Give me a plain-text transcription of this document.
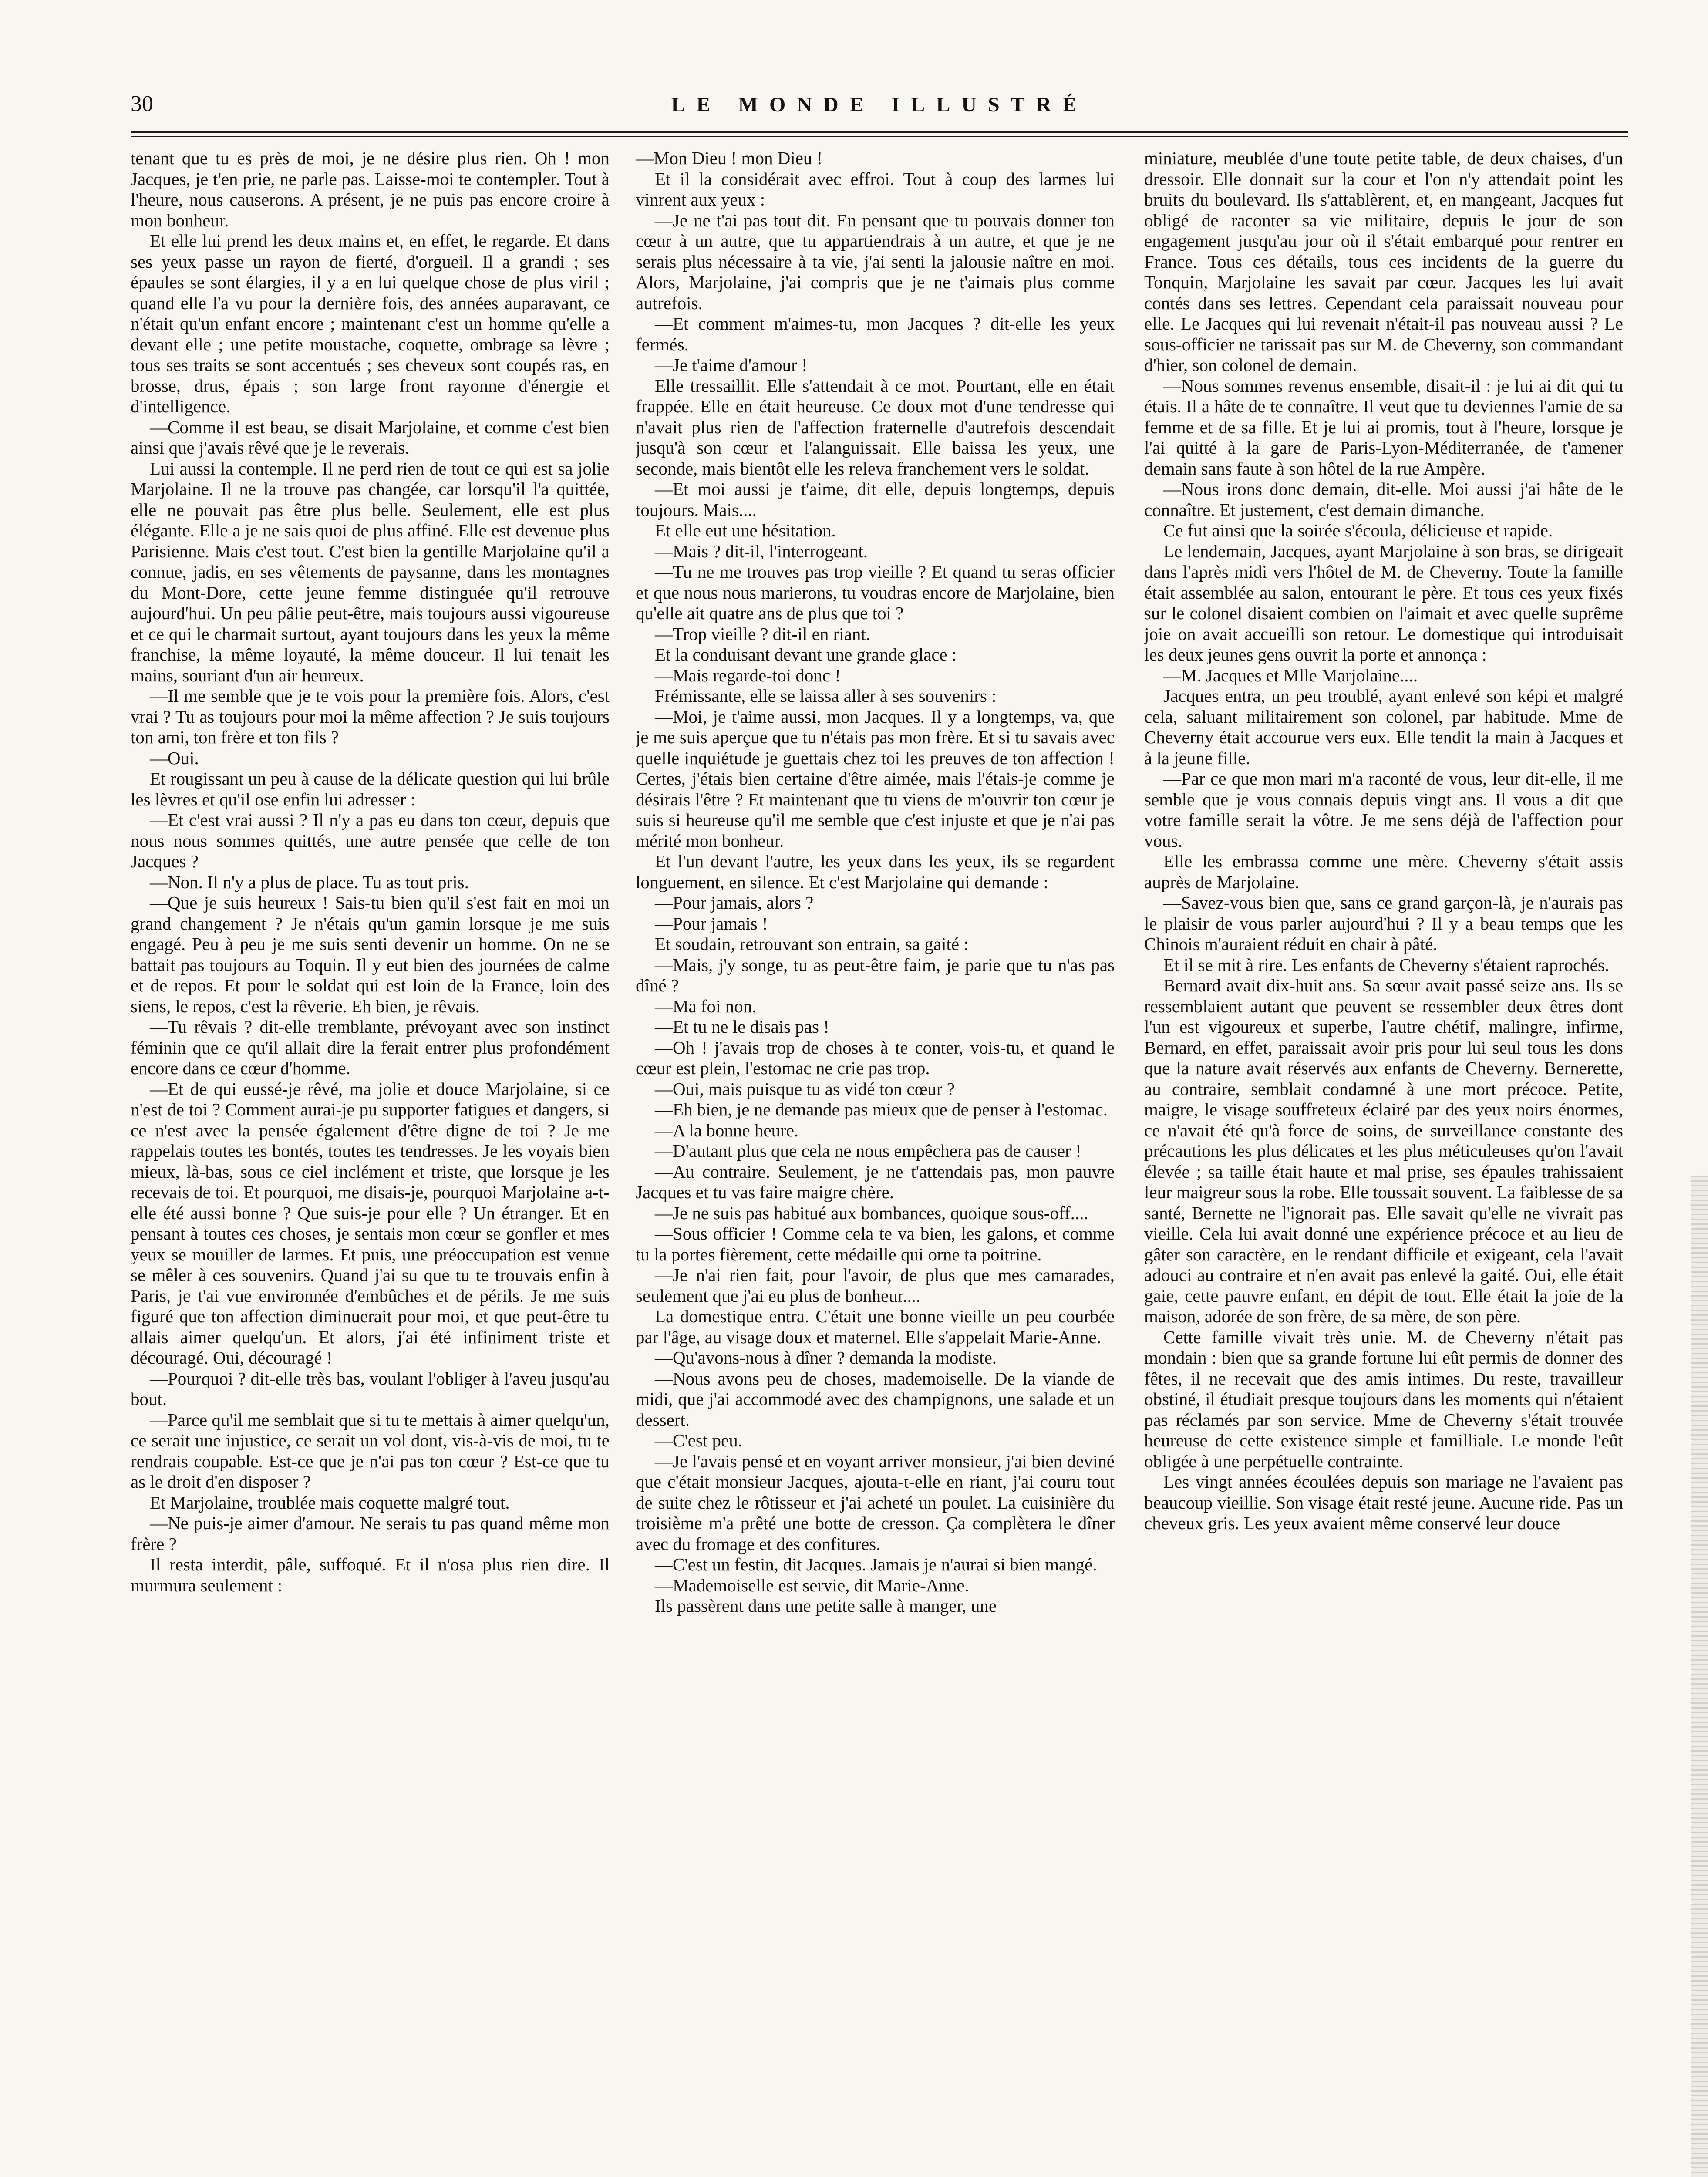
30	LE MONDE ILLUSTRÉ

tenant que tu es près de moi, je ne désire plus rien. Oh ! mon Jacques, je t'en prie, ne parle pas. Laisse-moi te contempler. Tout à l'heure, nous causerons. A présent, je ne puis pas encore croire à mon bonheur.

Et elle lui prend les deux mains et, en effet, le regarde. Et dans ses yeux passe un rayon de fierté, d'orgueil. Il a grandi ; ses épaules se sont élargies, il y a en lui quelque chose de plus viril ; quand elle l'a vu pour la dernière fois, des années auparavant, ce n'était qu'un enfant encore ; maintenant c'est un homme qu'elle a devant elle ; une petite moustache, coquette, ombrage sa lèvre ; tous ses traits se sont accentués ; ses cheveux sont coupés ras, en brosse, drus, épais ; son large front rayonne d'énergie et d'intelligence.

—Comme il est beau, se disait Marjolaine, et comme c'est bien ainsi que j'avais rêvé que je le reverais.

Lui aussi la contemple. Il ne perd rien de tout ce qui est sa jolie Marjolaine. Il ne la trouve pas changée, car lorsqu'il l'a quittée, elle ne pouvait pas être plus belle. Seulement, elle est plus élégante. Elle a je ne sais quoi de plus affiné. Elle est devenue plus Parisienne. Mais c'est tout. C'est bien la gentille Marjolaine qu'il a connue, jadis, en ses vêtements de paysanne, dans les montagnes du Mont-Dore, cette jeune femme distinguée qu'il retrouve aujourd'hui. Un peu pâlie peut-être, mais toujours aussi vigoureuse et ce qui le charmait surtout, ayant toujours dans les yeux la même franchise, la même loyauté, la même douceur. Il lui tenait les mains, souriant d'un air heureux.

—Il me semble que je te vois pour la première fois. Alors, c'est vrai ? Tu as toujours pour moi la même affection ? Je suis toujours ton ami, ton frère et ton fils ?

—Oui.

Et rougissant un peu à cause de la délicate question qui lui brûle les lèvres et qu'il ose enfin lui adresser :

—Et c'est vrai aussi ? Il n'y a pas eu dans ton cœur, depuis que nous nous sommes quittés, une autre pensée que celle de ton Jacques ?

—Non. Il n'y a plus de place. Tu as tout pris.

—Que je suis heureux ! Sais-tu bien qu'il s'est fait en moi un grand changement ? Je n'étais qu'un gamin lorsque je me suis engagé. Peu à peu je me suis senti devenir un homme. On ne se battait pas toujours au Toquin. Il y eut bien des journées de calme et de repos. Et pour le soldat qui est loin de la France, loin des siens, le repos, c'est la rêverie. Eh bien, je rêvais.

—Tu rêvais ? dit-elle tremblante, prévoyant avec son instinct féminin que ce qu'il allait dire la ferait entrer plus profondément encore dans ce cœur d'homme.

—Et de qui eussé-je rêvé, ma jolie et douce Marjolaine, si ce n'est de toi ? Comment aurai-je pu supporter fatigues et dangers, si ce n'est avec la pensée également d'être digne de toi ? Je me rappelais toutes tes bontés, toutes tes tendresses. Je les voyais bien mieux, là-bas, sous ce ciel inclément et triste, que lorsque je les recevais de toi. Et pourquoi, me disais-je, pourquoi Marjolaine a-t-elle été aussi bonne ? Que suis-je pour elle ? Un étranger. Et en pensant à toutes ces choses, je sentais mon cœur se gonfler et mes yeux se mouiller de larmes. Et puis, une préoccupation est venue se mêler à ces souvenirs. Quand j'ai su que tu te trouvais enfin à Paris, je t'ai vue environnée d'embûches et de périls. Je me suis figuré que ton affection diminuerait pour moi, et que peut-être tu allais aimer quelqu'un. Et alors, j'ai été infiniment triste et découragé. Oui, découragé !

—Pourquoi ? dit-elle très bas, voulant l'obliger à l'aveu jusqu'au bout.

—Parce qu'il me semblait que si tu te mettais à aimer quelqu'un, ce serait une injustice, ce serait un vol dont, vis-à-vis de moi, tu te rendrais coupable. Est-ce que je n'ai pas ton cœur ? Est-ce que tu as le droit d'en disposer ?

Et Marjolaine, troublée mais coquette malgré tout.

—Ne puis-je aimer d'amour. Ne serais tu pas quand même mon frère ?

Il resta interdit, pâle, suffoqué. Et il n'osa plus rien dire. Il murmura seulement :

—Mon Dieu ! mon Dieu !

Et il la considérait avec effroi. Tout à coup des larmes lui vinrent aux yeux :

—Je ne t'ai pas tout dit. En pensant que tu pouvais donner ton cœur à un autre, que tu appartiendrais à un autre, et que je ne serais plus nécessaire à ta vie, j'ai senti la jalousie naître en moi. Alors, Marjolaine, j'ai compris que je ne t'aimais plus comme autrefois.

—Et comment m'aimes-tu, mon Jacques ? dit-elle les yeux fermés.

—Je t'aime d'amour !

Elle tressaillit. Elle s'attendait à ce mot. Pourtant, elle en était frappée. Elle en était heureuse. Ce doux mot d'une tendresse qui n'avait plus rien de l'affection fraternelle d'autrefois descendait jusqu'à son cœur et l'alanguissait. Elle baissa les yeux, une seconde, mais bientôt elle les releva franchement vers le soldat.

—Et moi aussi je t'aime, dit elle, depuis longtemps, depuis toujours. Mais....

Et elle eut une hésitation.

—Mais ? dit-il, l'interrogeant.

—Tu ne me trouves pas trop vieille ? Et quand tu seras officier et que nous nous marierons, tu voudras encore de Marjolaine, bien qu'elle ait quatre ans de plus que toi ?

—Trop vieille ? dit-il en riant.

Et la conduisant devant une grande glace :

—Mais regarde-toi donc !

Frémissante, elle se laissa aller à ses souvenirs :

—Moi, je t'aime aussi, mon Jacques. Il y a longtemps, va, que je me suis aperçue que tu n'étais pas mon frère. Et si tu savais avec quelle inquiétude je guettais chez toi les preuves de ton affection ! Certes, j'étais bien certaine d'être aimée, mais l'étais-je comme je désirais l'être ? Et maintenant que tu viens de m'ouvrir ton cœur je suis si heureuse qu'il me semble que c'est injuste et que je n'ai pas mérité mon bonheur.

Et l'un devant l'autre, les yeux dans les yeux, ils se regardent longuement, en silence. Et c'est Marjolaine qui demande :

—Pour jamais, alors ?

—Pour jamais !

Et soudain, retrouvant son entrain, sa gaité :

—Mais, j'y songe, tu as peut-être faim, je parie que tu n'as pas dîné ?

—Ma foi non.

—Et tu ne le disais pas !

—Oh ! j'avais trop de choses à te conter, vois-tu, et quand le cœur est plein, l'estomac ne crie pas trop.

—Oui, mais puisque tu as vidé ton cœur ?

—Eh bien, je ne demande pas mieux que de penser à l'estomac.

—A la bonne heure.

—D'autant plus que cela ne nous empêchera pas de causer !

—Au contraire. Seulement, je ne t'attendais pas, mon pauvre Jacques et tu vas faire maigre chère.

—Je ne suis pas habitué aux bombances, quoique sous-off....

—Sous officier ! Comme cela te va bien, les galons, et comme tu la portes fièrement, cette médaille qui orne ta poitrine.

—Je n'ai rien fait, pour l'avoir, de plus que mes camarades, seulement que j'ai eu plus de bonheur....

La domestique entra. C'était une bonne vieille un peu courbée par l'âge, au visage doux et maternel. Elle s'appelait Marie-Anne.

—Qu'avons-nous à dîner ? demanda la modiste.

—Nous avons peu de choses, mademoiselle. De la viande de midi, que j'ai accommodé avec des champignons, une salade et un dessert.

—C'est peu.

—Je l'avais pensé et en voyant arriver monsieur, j'ai bien deviné que c'était monsieur Jacques, ajouta-t-elle en riant, j'ai couru tout de suite chez le rôtisseur et j'ai acheté un poulet. La cuisinière du troisième m'a prêté une botte de cresson. Ça complètera le dîner avec du fromage et des confitures.

—C'est un festin, dit Jacques. Jamais je n'aurai si bien mangé.

—Mademoiselle est servie, dit Marie-Anne.

Ils passèrent dans une petite salle à manger, une

miniature, meublée d'une toute petite table, de deux chaises, d'un dressoir. Elle donnait sur la cour et l'on n'y attendait point les bruits du boulevard. Ils s'attablèrent, et, en mangeant, Jacques fut obligé de raconter sa vie militaire, depuis le jour de son engagement jusqu'au jour où il s'était embarqué pour rentrer en France. Tous ces détails, tous ces incidents de la guerre du Tonquin, Marjolaine les savait par cœur. Jacques les lui avait contés dans ses lettres. Cependant cela paraissait nouveau pour elle. Le Jacques qui lui revenait n'était-il pas nouveau aussi ? Le sous-officier ne tarissait pas sur M. de Cheverny, son commandant d'hier, son colonel de demain.

—Nous sommes revenus ensemble, disait-il : je lui ai dit qui tu étais. Il a hâte de te connaître. Il veut que tu deviennes l'amie de sa femme et de sa fille. Et je lui ai promis, tout à l'heure, lorsque je l'ai quitté à la gare de Paris-Lyon-Méditerranée, de t'amener demain sans faute à son hôtel de la rue Ampère.

—Nous irons donc demain, dit-elle. Moi aussi j'ai hâte de le connaître. Et justement, c'est demain dimanche.

Ce fut ainsi que la soirée s'écoula, délicieuse et rapide.

Le lendemain, Jacques, ayant Marjolaine à son bras, se dirigeait dans l'après midi vers l'hôtel de M. de Cheverny. Toute la famille était assemblée au salon, entourant le père. Et tous ces yeux fixés sur le colonel disaient combien on l'aimait et avec quelle suprême joie on avait accueilli son retour. Le domestique qui introduisait les deux jeunes gens ouvrit la porte et annonça :

—M. Jacques et Mlle Marjolaine....

Jacques entra, un peu troublé, ayant enlevé son képi et malgré cela, saluant militairement son colonel, par habitude. Mme de Cheverny était accourue vers eux. Elle tendit la main à Jacques et à la jeune fille.

—Par ce que mon mari m'a raconté de vous, leur dit-elle, il me semble que je vous connais depuis vingt ans. Il vous a dit que votre famille serait la vôtre. Je me sens déjà de l'affection pour vous.

Elle les embrassa comme une mère. Cheverny s'était assis auprès de Marjolaine.

—Savez-vous bien que, sans ce grand garçon-là, je n'aurais pas le plaisir de vous parler aujourd'hui ? Il y a beau temps que les Chinois m'auraient réduit en chair à pâté.

Et il se mit à rire. Les enfants de Cheverny s'étaient raprochés.

Bernard avait dix-huit ans. Sa sœur avait passé seize ans. Ils se ressemblaient autant que peuvent se ressembler deux êtres dont l'un est vigoureux et superbe, l'autre chétif, malingre, infirme, Bernard, en effet, paraissait avoir pris pour lui seul tous les dons que la nature avait réservés aux enfants de Cheverny. Bernerette, au contraire, semblait condamné à une mort précoce. Petite, maigre, le visage souffreteux éclairé par des yeux noirs énormes, ce n'avait été qu'à force de soins, de surveillance constante des précautions les plus délicates et les plus méticuleuses qu'on l'avait élevée ; sa taille était haute et mal prise, ses épaules trahissaient leur maigreur sous la robe. Elle toussait souvent. La faiblesse de sa santé, Bernette ne l'ignorait pas. Elle savait qu'elle ne vivrait pas vieille. Cela lui avait donné une expérience précoce et au lieu de gâter son caractère, en le rendant difficile et exigeant, cela l'avait adouci au contraire et n'en avait pas enlevé la gaité. Oui, elle était gaie, cette pauvre enfant, en dépit de tout. Elle était la joie de la maison, adorée de son frère, de sa mère, de son père.

Cette famille vivait très unie. M. de Cheverny n'était pas mondain : bien que sa grande fortune lui eût permis de donner des fêtes, il ne recevait que des amis intimes. Du reste, travailleur obstiné, il étudiait presque toujours dans les moments qui n'étaient pas réclamés par son service. Mme de Cheverny s'était trouvée heureuse de cette existence simple et familliale. Le monde l'eût obligée à une perpétuelle contrainte.

Les vingt années écoulées depuis son mariage ne l'avaient pas beaucoup vieillie. Son visage était resté jeune. Aucune ride. Pas un cheveux gris. Les yeux avaient même conservé leur douce
